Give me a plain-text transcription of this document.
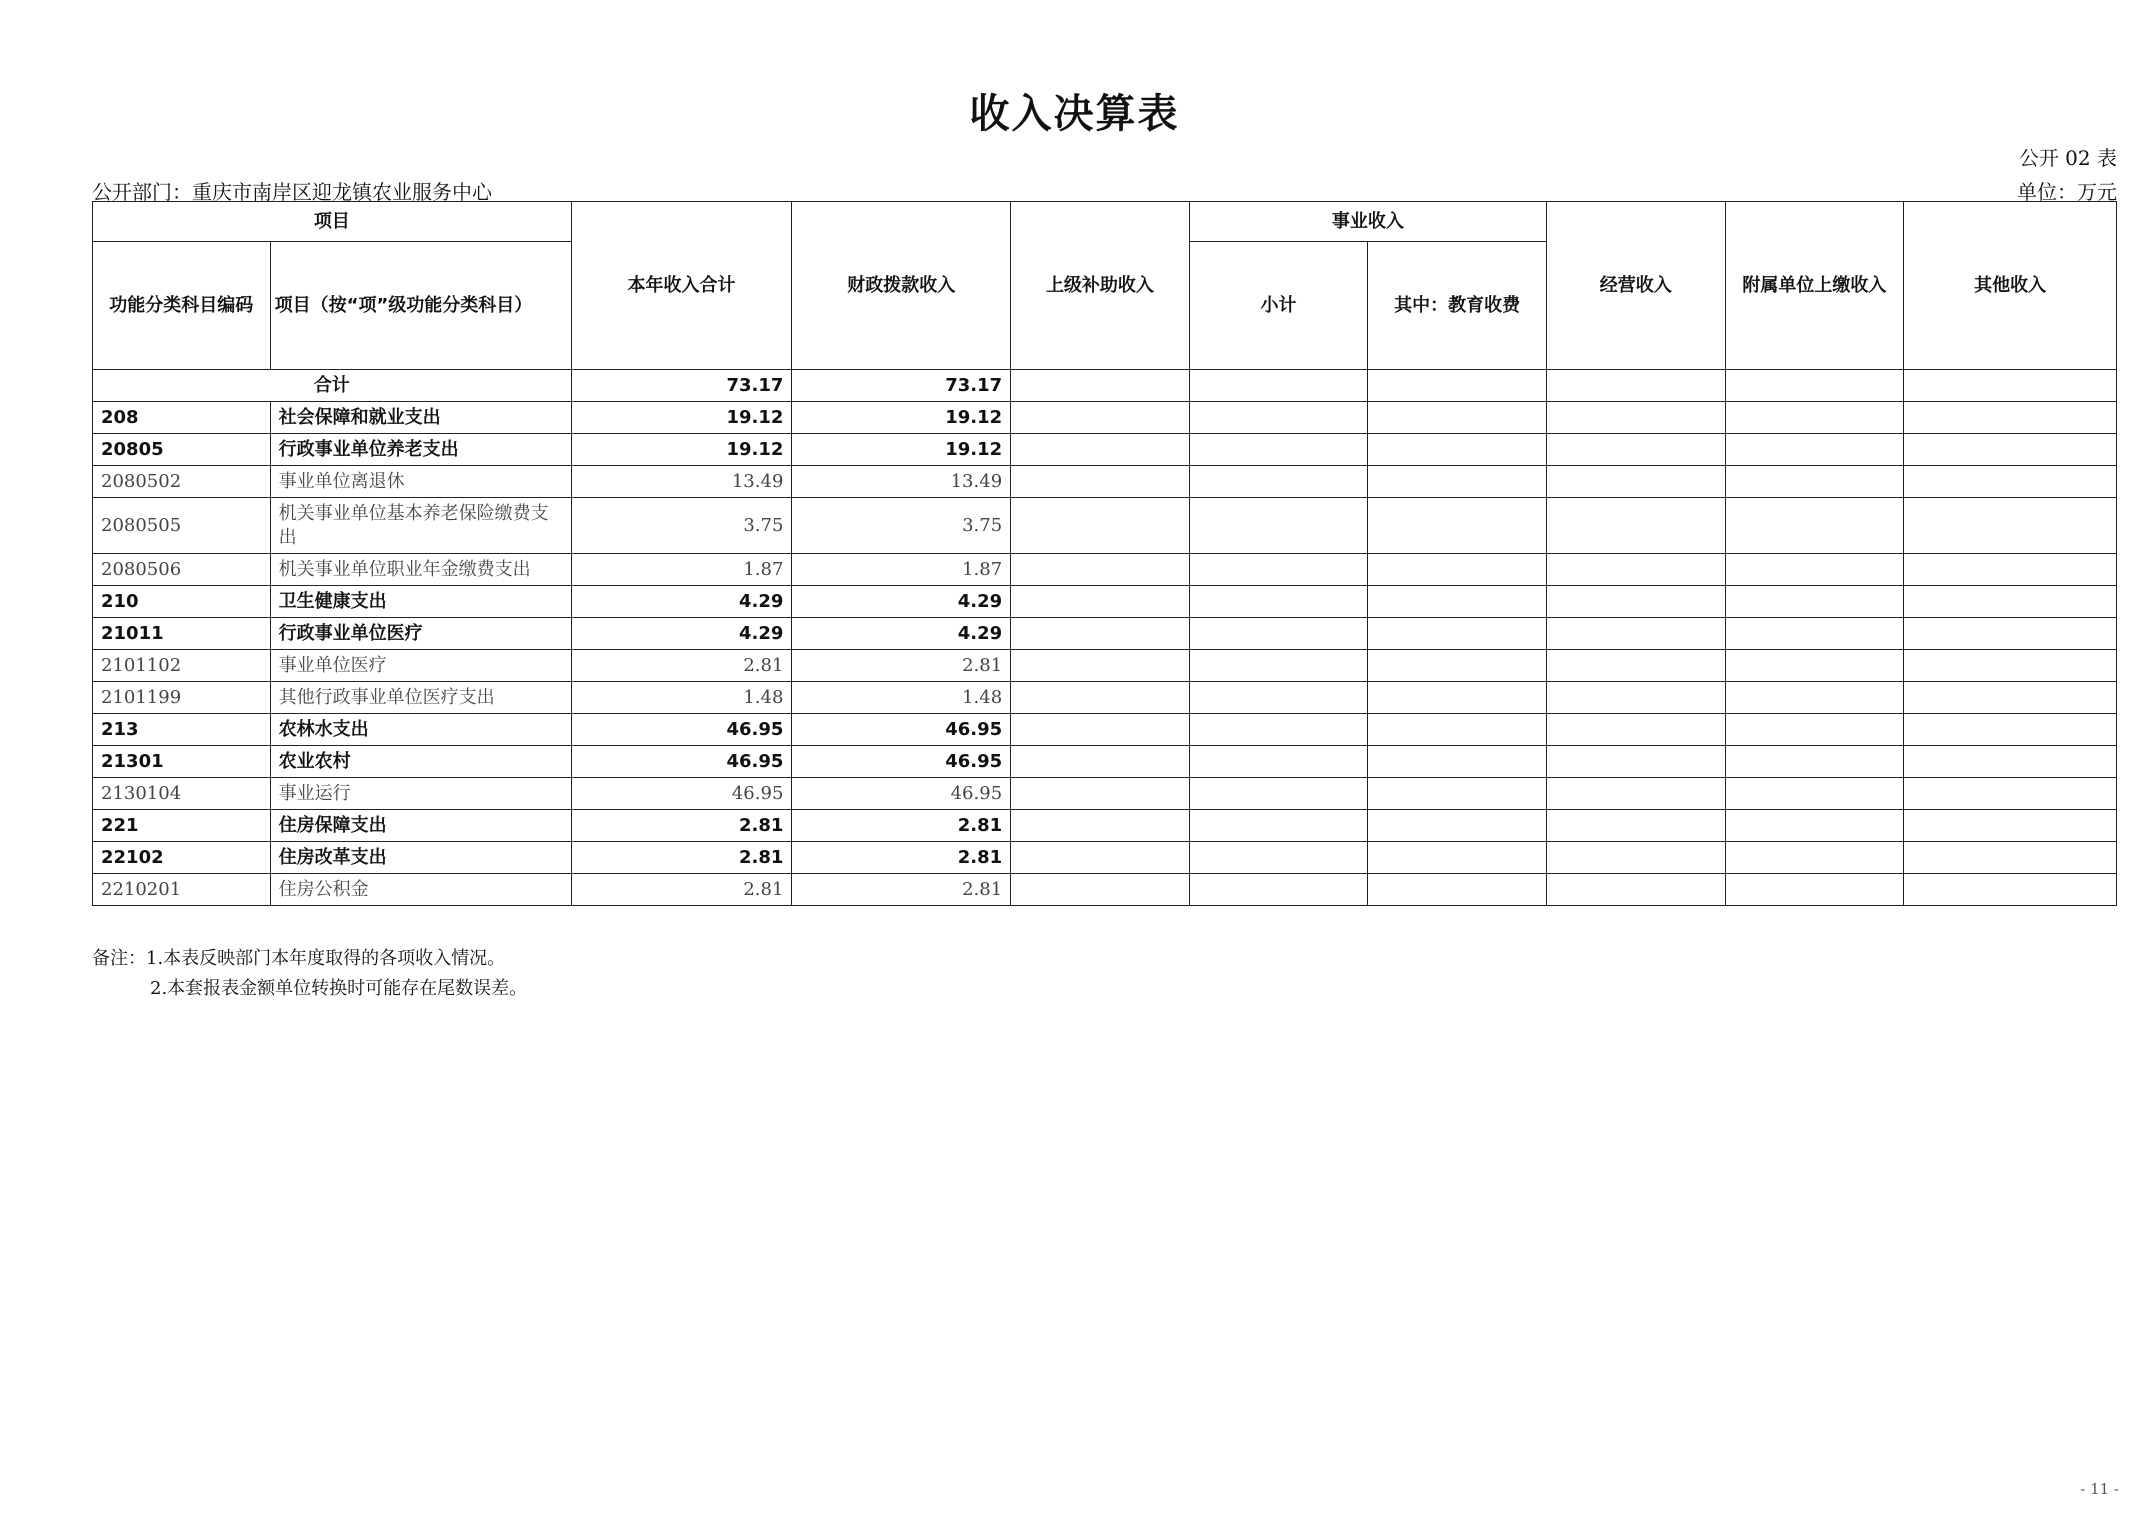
收入决算表
公开 02 表
公开部门：重庆市南岸区迎龙镇农业服务中心	单位：万元
项目		本年收入合计	财政拨款收入	上级补助收入	事业收入		经营收入	附属单位上缴收入	其他收入
功能分类科目编码	项目（按“项”级功能分类科目）				小计	其中：教育收费			
合计		73.17	73.17						
208	社会保障和就业支出	19.12	19.12						
20805	行政事业单位养老支出	19.12	19.12						
2080502	事业单位离退休	13.49	13.49						
2080505	机关事业单位基本养老保险缴费支出	3.75	3.75						
2080506	机关事业单位职业年金缴费支出	1.87	1.87						
210	卫生健康支出	4.29	4.29						
21011	行政事业单位医疗	4.29	4.29						
2101102	事业单位医疗	2.81	2.81						
2101199	其他行政事业单位医疗支出	1.48	1.48						
213	农林水支出	46.95	46.95						
21301	农业农村	46.95	46.95						
2130104	事业运行	46.95	46.95						
221	住房保障支出	2.81	2.81						
22102	住房改革支出	2.81	2.81						
2210201	住房公积金	2.81	2.81						
备注：1.本表反映部门本年度取得的各项收入情况。
2.本套报表金额单位转换时可能存在尾数误差。
- 11 -
